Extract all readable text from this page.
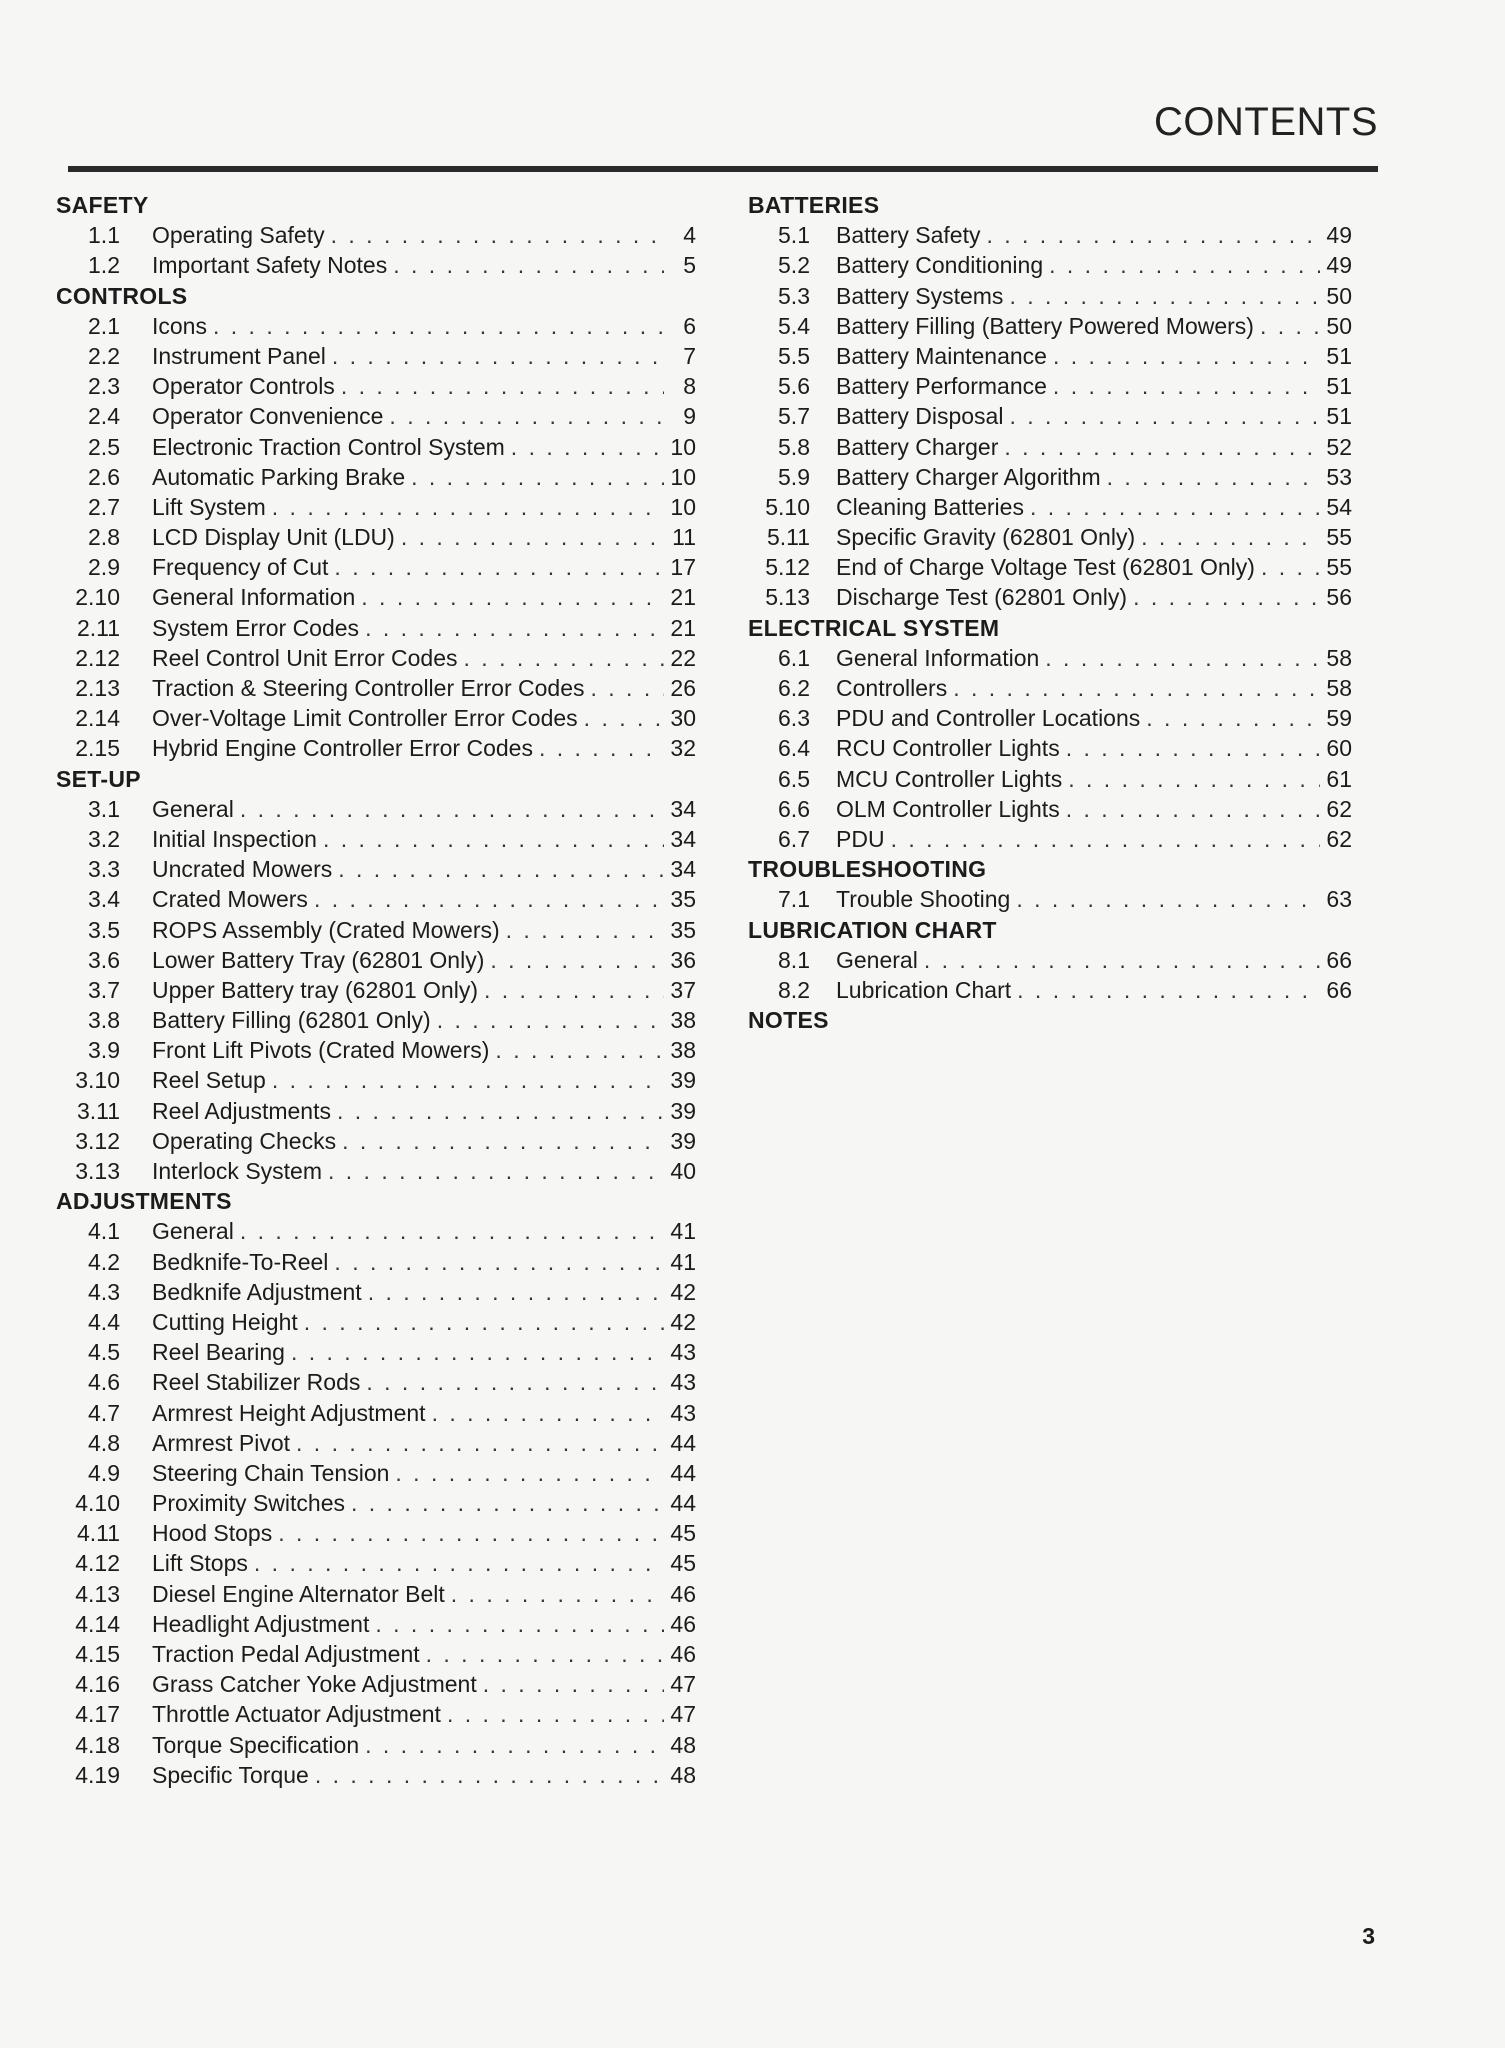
CONTENTS
SAFETY
1.1	Operating Safety . . .	4
1.2	Important Safety Notes . . .	5
CONTROLS
2.1	Icons . . .	6
2.2	Instrument Panel . . .	7
2.3	Operator Controls . . .	8
2.4	Operator Convenience . . .	9
2.5	Electronic Traction Control System . . .	10
2.6	Automatic Parking Brake . . .	10
2.7	Lift System . . .	10
2.8	LCD Display Unit (LDU) . . .	11
2.9	Frequency of Cut . . .	17
2.10	General Information . . .	21
2.11	System Error Codes . . .	21
2.12	Reel Control Unit Error Codes . . .	22
2.13	Traction & Steering Controller Error Codes . . .	26
2.14	Over-Voltage Limit Controller Error Codes . . .	30
2.15	Hybrid Engine Controller Error Codes . . .	32
SET-UP
3.1	General . . .	34
3.2	Initial Inspection . . .	34
3.3	Uncrated Mowers . . .	34
3.4	Crated Mowers . . .	35
3.5	ROPS Assembly (Crated Mowers) . . .	35
3.6	Lower Battery Tray (62801 Only) . . .	36
3.7	Upper Battery tray (62801 Only) . . .	37
3.8	Battery Filling (62801 Only) . . .	38
3.9	Front Lift Pivots (Crated Mowers) . . .	38
3.10	Reel Setup . . .	39
3.11	Reel Adjustments . . .	39
3.12	Operating Checks . . .	39
3.13	Interlock System . . .	40
ADJUSTMENTS
4.1	General . . .	41
4.2	Bedknife-To-Reel . . .	41
4.3	Bedknife Adjustment . . .	42
4.4	Cutting Height . . .	42
4.5	Reel Bearing . . .	43
4.6	Reel Stabilizer Rods . . .	43
4.7	Armrest Height Adjustment . . .	43
4.8	Armrest Pivot . . .	44
4.9	Steering Chain Tension . . .	44
4.10	Proximity Switches . . .	44
4.11	Hood Stops . . .	45
4.12	Lift Stops . . .	45
4.13	Diesel Engine Alternator Belt . . .	46
4.14	Headlight Adjustment . . .	46
4.15	Traction Pedal Adjustment . . .	46
4.16	Grass Catcher Yoke Adjustment . . .	47
4.17	Throttle Actuator Adjustment . . .	47
4.18	Torque Specification . . .	48
4.19	Specific Torque . . .	48
BATTERIES
5.1	Battery Safety . . .	49
5.2	Battery Conditioning . . .	49
5.3	Battery Systems . . .	50
5.4	Battery Filling (Battery Powered Mowers) . . .	50
5.5	Battery Maintenance . . .	51
5.6	Battery Performance . . .	51
5.7	Battery Disposal . . .	51
5.8	Battery Charger . . .	52
5.9	Battery Charger Algorithm . . .	53
5.10	Cleaning Batteries . . .	54
5.11	Specific Gravity (62801 Only) . . .	55
5.12	End of Charge Voltage Test (62801 Only) . . .	55
5.13	Discharge Test (62801 Only) . . .	56
ELECTRICAL SYSTEM
6.1	General Information . . .	58
6.2	Controllers . . .	58
6.3	PDU and Controller Locations . . .	59
6.4	RCU Controller Lights . . .	60
6.5	MCU Controller Lights . . .	61
6.6	OLM Controller Lights . . .	62
6.7	PDU . . .	62
TROUBLESHOOTING
7.1	Trouble Shooting . . .	63
LUBRICATION CHART
8.1	General . . .	66
8.2	Lubrication Chart . . .	66
NOTES
3
